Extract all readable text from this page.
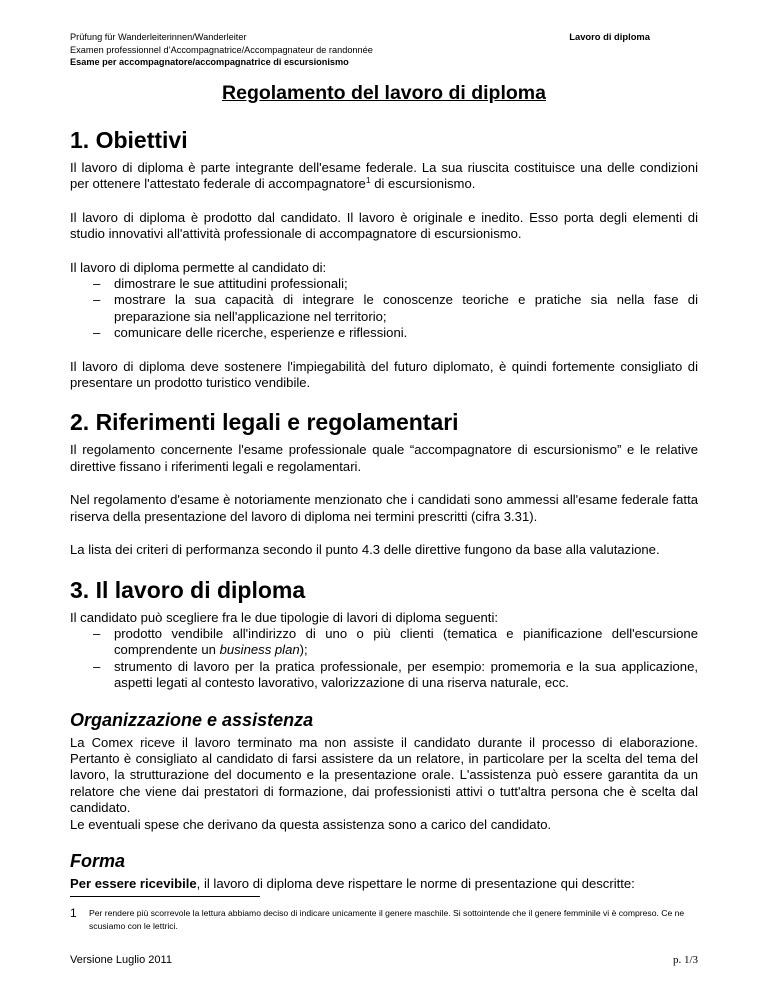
Prüfung für Wanderleiterinnen/Wanderleiter
Examen professionnel d’Accompagnatrice/Accompagnateur de randonnée
Esame per accompagnatore/accompagnatrice di escursionismo
Lavoro di diploma
Regolamento del lavoro di diploma
1. Obiettivi

Il lavoro di diploma è parte integrante dell'esame federale. La sua riuscita costituisce una delle condizioni per ottenere l'attestato federale di accompagnatore$^1$ di escursionismo.

Il lavoro di diploma è prodotto dal candidato. Il lavoro è originale e inedito. Esso porta degli elementi di studio innovativi all'attività professionale di accompagnatore di escursionismo.

Il lavoro di diploma permette al candidato di:

– dimostrare le sue attitudini professionali;
– mostrare la sua capacità di integrare le conoscenze teoriche e pratiche sia nella fase di preparazione sia nell'applicazione nel territorio;
– comunicare delle ricerche, esperienze e riflessioni.

Il lavoro di diploma deve sostenere l'impiegabilità del futuro diplomato, è quindi fortemente consigliato di presentare un prodotto turistico vendibile.

2. Riferimenti legali e regolamentari

Il regolamento concernente l'esame professionale quale “accompagnatore di escursionismo” e le relative direttive fissano i riferimenti legali e regolamentari.

Nel regolamento d'esame è notoriamente menzionato che i candidati sono ammessi all'esame federale fatta riserva della presentazione del lavoro di diploma nei termini prescritti (cifra 3.31).

La lista dei criteri di performanza secondo il punto 4.3 delle direttive fungono da base alla valutazione.

3. Il lavoro di diploma

Il candidato può scegliere fra le due tipologie di lavori di diploma seguenti:

– prodotto vendibile all'indirizzo di uno o più clienti (tematica e pianificazione dell'escursione comprendente un business plan);
– strumento di lavoro per la pratica professionale, per esempio: promemoria e la sua applicazione, aspetti legati al contesto lavorativo, valorizzazione di una riserva naturale, ecc.
Organizzazione e assistenza

La Comex riceve il lavoro terminato ma non assiste il candidato durante il processo di elaborazione. Pertanto è consigliato al candidato di farsi assistere da un relatore, in particolare per la scelta del tema del lavoro, la strutturazione del documento e la presentazione orale. L'assistenza può essere garantita da un relatore che viene dai prestatori di formazione, dai professionisti attivi o tutt'altra persona che è scelta dal candidato.

Le eventuali spese che derivano da questa assistenza sono a carico del candidato.

Forma

Per essere ricevibile, il lavoro di diploma deve rispettare le norme di presentazione qui descritte:

1 Per rendere più scorrevole la lettura abbiamo deciso di indicare unicamente il genere maschile. Si sottointende che il genere femminile vi è compreso. Ce ne scusiamo con le lettrici.
Versione Luglio 2011	p. 1/3
